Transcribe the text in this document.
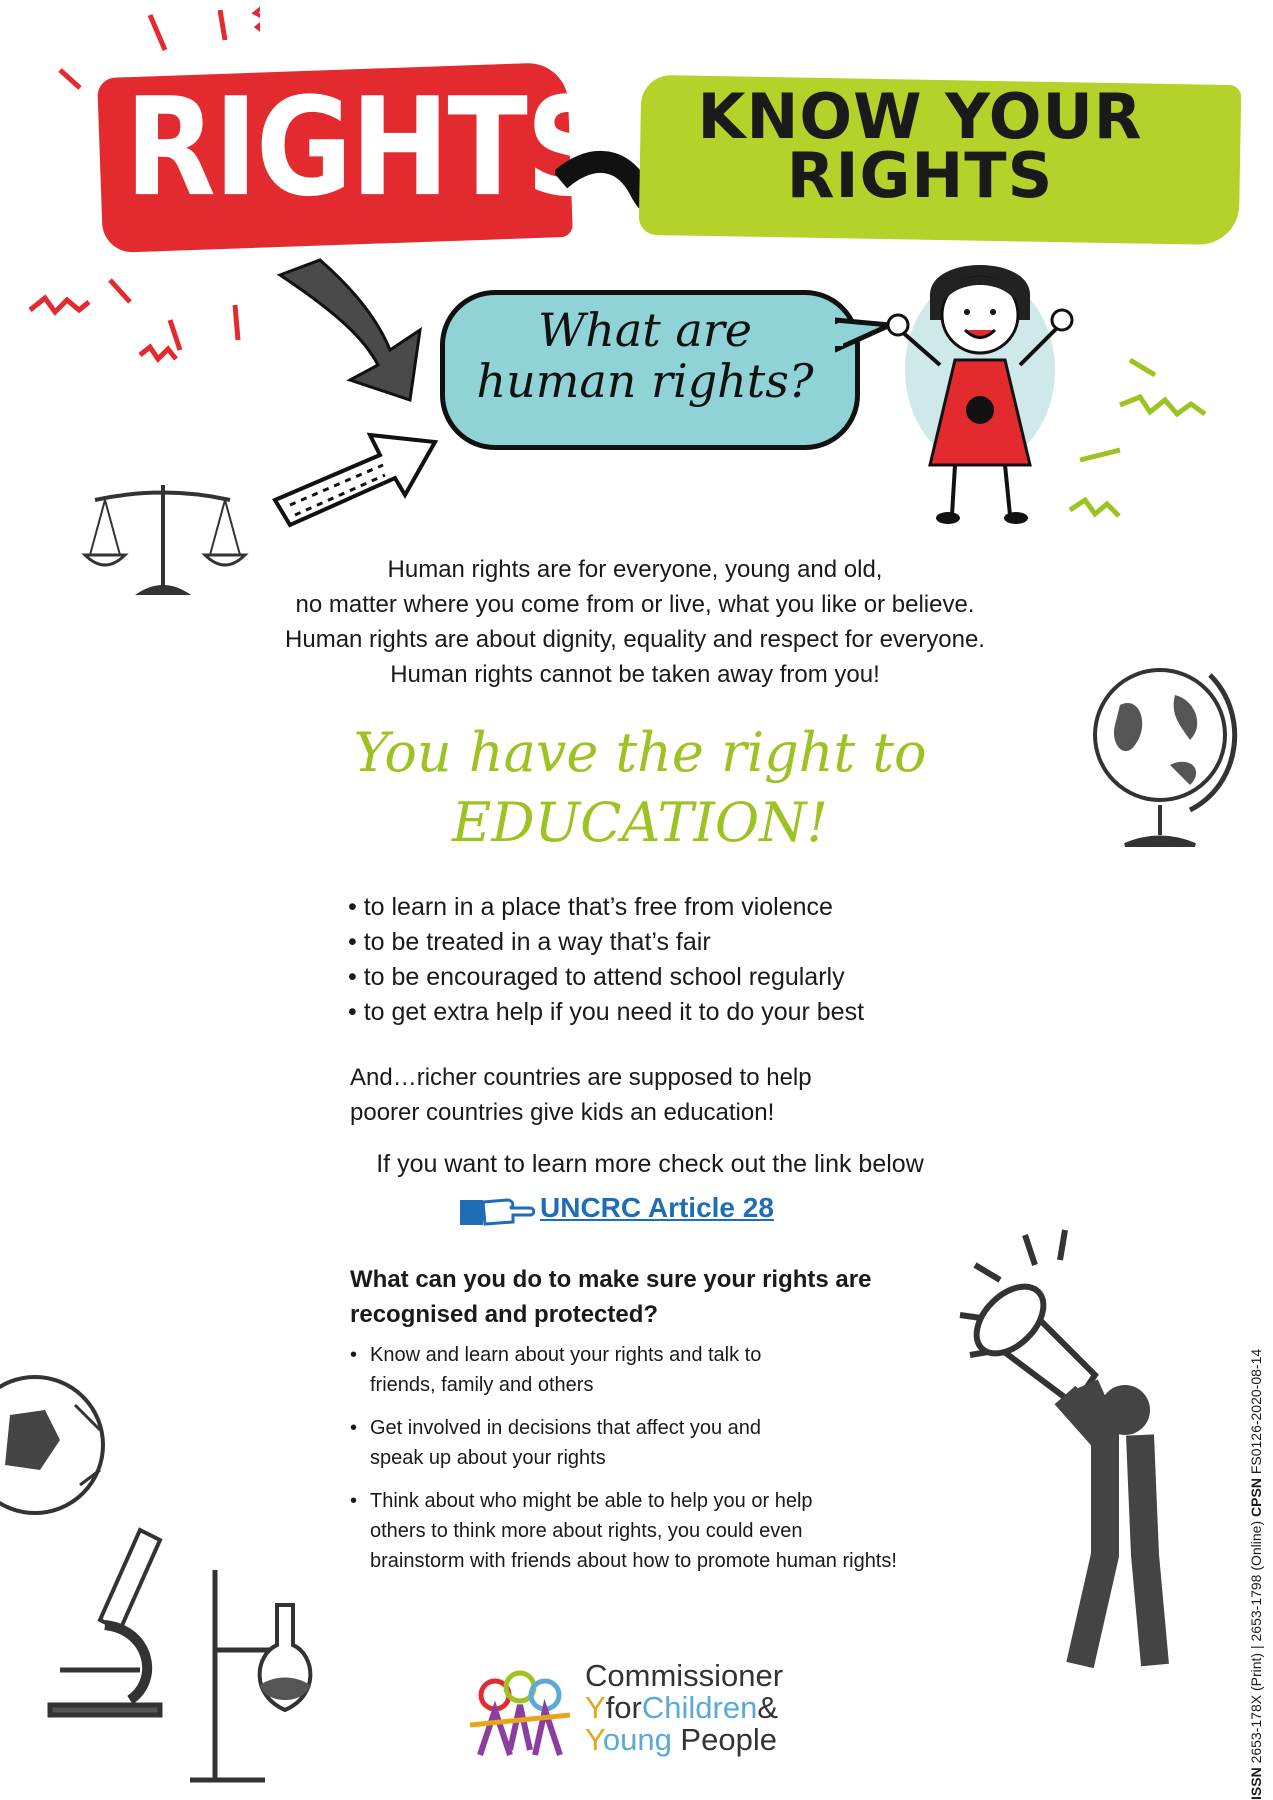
RIGHTS	KNOW YOUR
RIGHTS
What are
human rights?
Human rights are for everyone, young and old,
no matter where you come from or live, what you like or believe.
Human rights are about dignity, equality and respect for everyone.
Human rights cannot be taken away from you!
You have the right to
EDUCATION!
• to learn in a place that’s free from violence
• to be treated in a way that’s fair
• to be encouraged to attend school regularly
• to get extra help if you need it to do your best
And…richer countries are supposed to help
poorer countries give kids an education!
If you want to learn more check out the link below
UNCRC Article 28
What can you do to make sure your rights are
recognised and protected?
• Know and learn about your rights and talk to
friends, family and others
• Get involved in decisions that affect you and
speak up about your rights
• Think about who might be able to help you or help
others to think more about rights, you could even
brainstorm with friends about how to promote human rights!
Commissioner
YforChildren&
Young People
ISSN 2653-178X (Print) | 2653-1798 (Online) CPSN FS0126-2020-08-14
